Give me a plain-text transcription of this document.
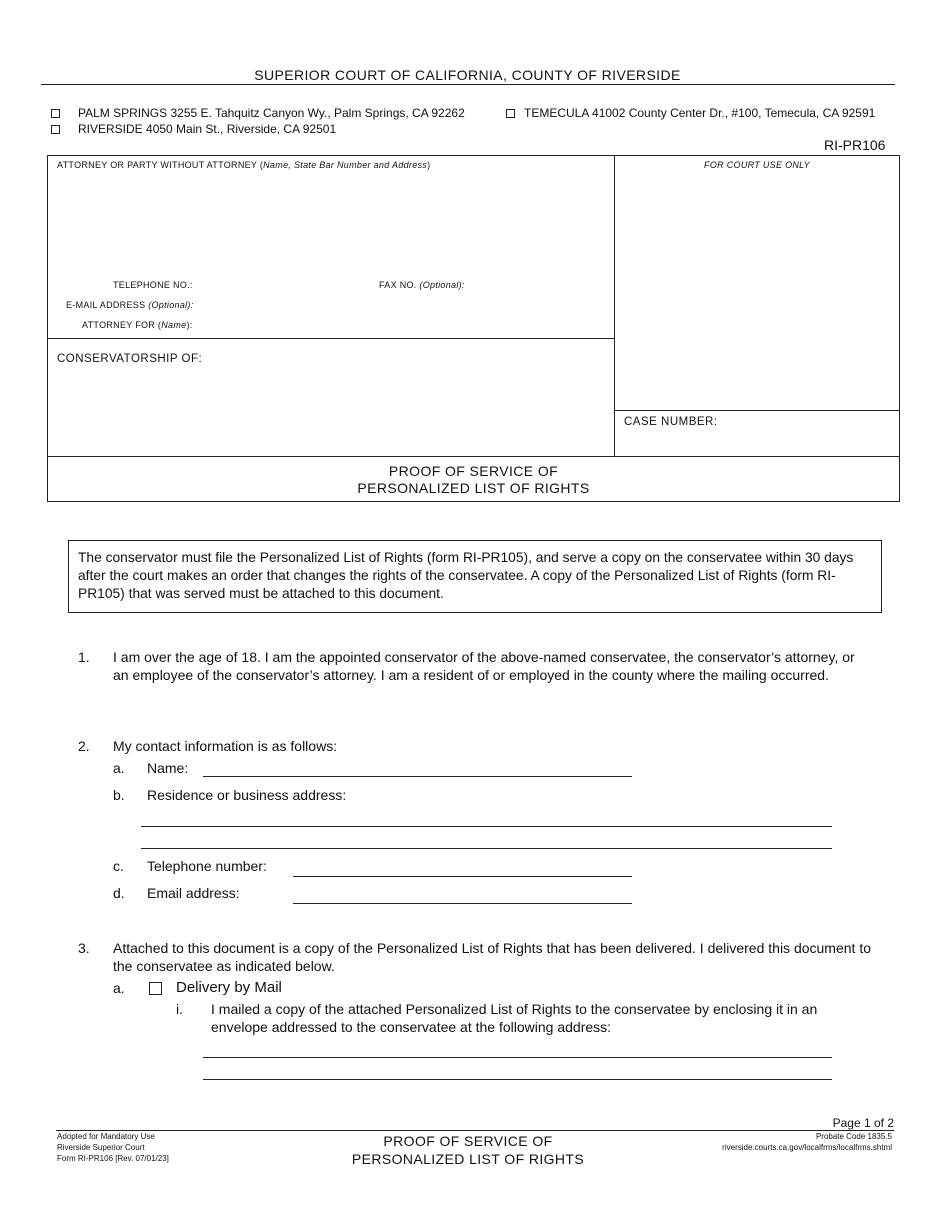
SUPERIOR COURT OF CALIFORNIA, COUNTY OF RIVERSIDE
PALM SPRINGS 3255 E. Tahquitz Canyon Wy., Palm Springs, CA 92262	TEMECULA 41002 County Center Dr., #100, Temecula, CA 92591
RIVERSIDE 4050 Main St., Riverside, CA 92501
RI-PR106
ATTORNEY OR PARTY WITHOUT ATTORNEY (Name, State Bar Number and Address)	FOR COURT USE ONLY
TELEPHONE NO.:	FAX NO. (Optional):
E-MAIL ADDRESS (Optional):
ATTORNEY FOR (Name):
CONSERVATORSHIP OF:
CASE NUMBER:
PROOF OF SERVICE OF
PERSONALIZED LIST OF RIGHTS
The conservator must file the Personalized List of Rights (form RI-PR105), and serve a copy on the conservatee within 30 days after the court makes an order that changes the rights of the conservatee. A copy of the Personalized List of Rights (form RI-PR105) that was served must be attached to this document.
1. I am over the age of 18. I am the appointed conservator of the above-named conservatee, the conservator’s attorney, or an employee of the conservator’s attorney. I am a resident of or employed in the county where the mailing occurred.
2. My contact information is as follows:
a. Name:
b. Residence or business address:
c. Telephone number:
d. Email address:
3. Attached to this document is a copy of the Personalized List of Rights that has been delivered. I delivered this document to the conservatee as indicated below.
a.	Delivery by Mail
i. I mailed a copy of the attached Personalized List of Rights to the conservatee by enclosing it in an envelope addressed to the conservatee at the following address:
Page 1 of 2
Adopted for Mandatory Use
Riverside Superior Court
Form RI-PR106 [Rev. 07/01/23]
PROOF OF SERVICE OF
PERSONALIZED LIST OF RIGHTS
Probate Code 1835.5
riverside.courts.ca.gov/localfrms/localfrms.shtml
